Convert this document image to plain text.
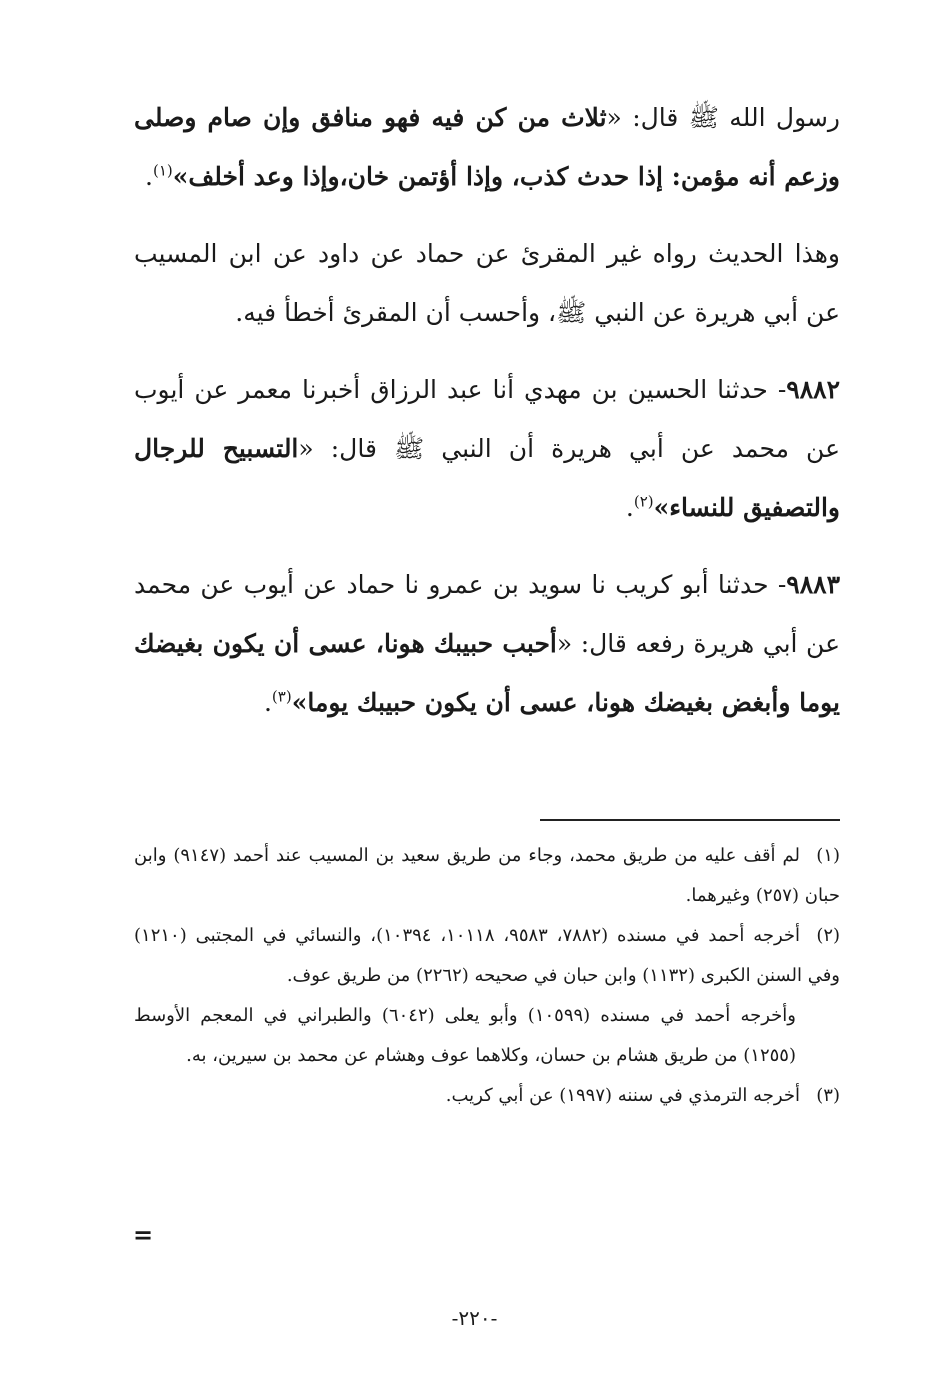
رسول الله ﷺ قال: «ثلاث من كن فيه فهو منافق وإن صام وصلى وزعم أنه مؤمن: إذا حدث كذب، وإذا أؤتمن خان،وإذا وعد أخلف»$^{(١)}$.

وهذا الحديث رواه غير المقرئ عن حماد عن داود عن ابن المسيب عن أبي هريرة عن النبي ﷺ، وأحسب أن المقرئ أخطأ فيه.

٩٨٨٢- حدثنا الحسين بن مهدي أنا عبد الرزاق أخبرنا معمر عن أيوب عن محمد عن أبي هريرة أن النبي ﷺ قال: «التسبيح للرجال والتصفيق للنساء»$^{(٢)}$.

٩٨٨٣- حدثنا أبو كريب نا سويد بن عمرو نا حماد عن أيوب عن محمد عن أبي هريرة رفعه قال: «أحبب حبيبك هونا، عسى أن يكون بغيضك يوما وأبغض بغيضك هونا، عسى أن يكون حبيبك يوما»$^{(٣)}$.

(١)لم أقف عليه من طريق محمد، وجاء من طريق سعيد بن المسيب عند أحمد (٩١٤٧) وابن حبان (٢٥٧) وغيرهما.

(٢)أخرجه أحمد في مسنده (٧٨٨٢، ٩٥٨٣، ١٠١١٨، ١٠٣٩٤)، والنسائي في المجتبى (١٢١٠) وفي السنن الكبرى (١١٣٢) وابن حبان في صحيحه (٢٢٦٢) من طريق عوف.

وأخرجه أحمد في مسنده (١٠٥٩٩) وأبو يعلى (٦٠٤٢) والطبراني في المعجم الأوسط (١٢٥٥) من طريق هشام بن حسان، وكلاهما عوف وهشام عن محمد بن سيرين، به.

(٣)أخرجه الترمذي في سننه (١٩٩٧) عن أبي كريب.

=
-٢٢٠-
